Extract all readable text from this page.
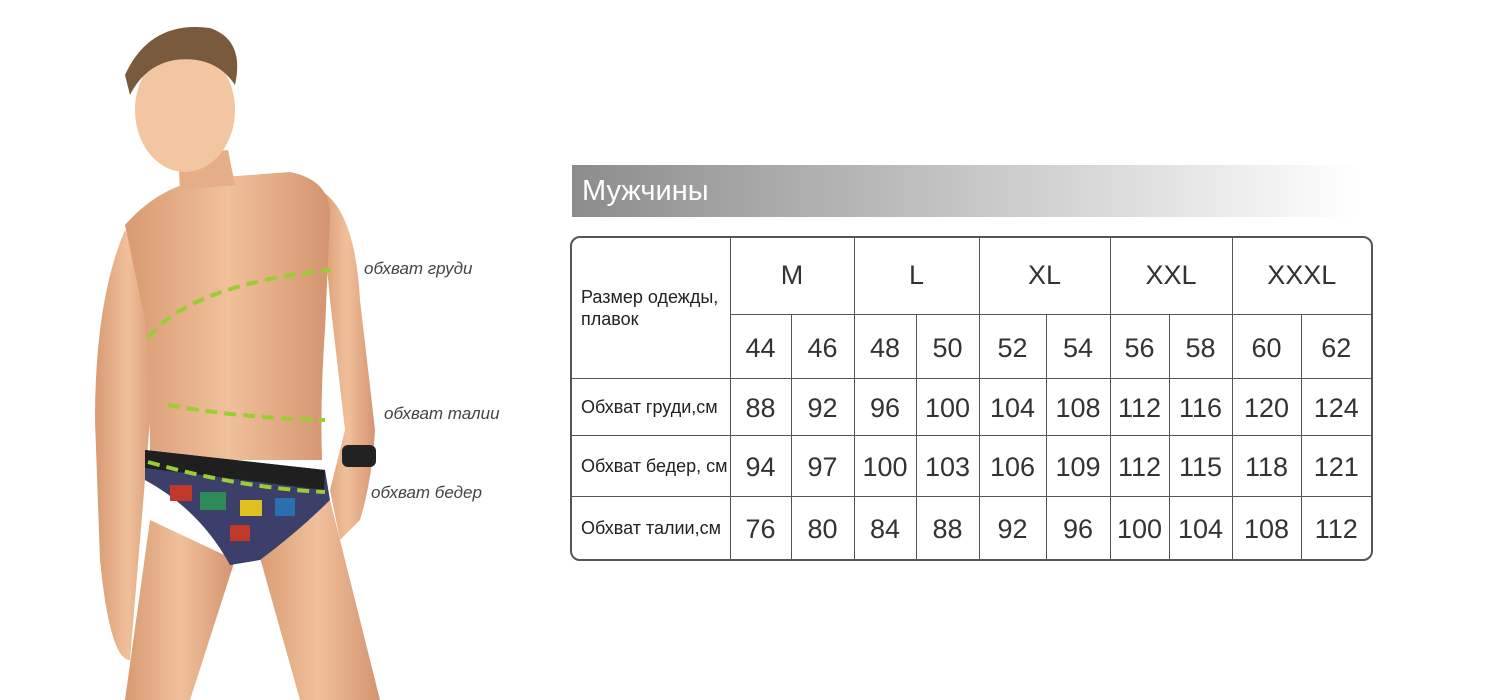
обхват груди
обхват талии
обхват бедер
Мужчины
Размер одежды, плавок	M		L		XL		XXL		XXXL	
	44	46	48	50	52	54	56	58	60	62
Обхват груди,см	88	92	96	100	104	108	112	116	120	124
Обхват бедер, см	94	97	100	103	106	109	112	115	118	121
Обхват талии,см	76	80	84	88	92	96	100	104	108	112
